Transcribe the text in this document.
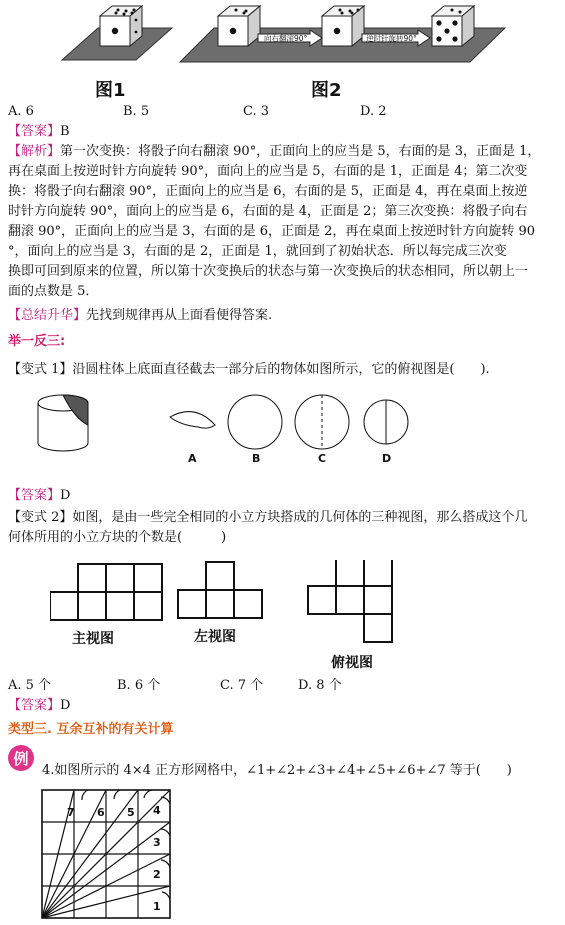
向右翻滚90°	逆时针旋转90°
图1	图2
A. 6	B. 5	C. 3	D. 2
【答案】B

【解析】第一次变换：将骰子向右翻滚 90°，正面向上的应当是 5，右面的是 3，正面是 1，

再在桌面上按逆时针方向旋转 90°，面向上的应当是 5，右面的是 1，正面是 4；第二次变

换：将骰子向右翻滚 90°，正面向上的应当是 6，右面的是 5，正面是 4，再在桌面上按逆

时针方向旋转 90°，面向上的应当是 6，右面的是 4，正面是 2；第三次变换：将骰子向右

翻滚 90°，正面向上的应当是 3，右面的是 6，正面是 2，再在桌面上按逆时针方向旋转 90

°，面向上的应当是 3，右面的是 2，正面是 1，就回到了初始状态．所以每完成三次变

换即可回到原来的位置，所以第十次变换后的状态与第一次变换后的状态相同，所以朝上一

面的点数是 5．

【总结升华】先找到规律再从上面看便得答案.
举一反三:
【变式 1】沿圆柱体上底面直径截去一部分后的物体如图所示，它的俯视图是(　　).
A	B	C	D
【答案】D
【变式 2】如图，是由一些完全相同的小立方块搭成的几何体的三种视图，那么搭成这个几
何体所用的小立方块的个数是(　　　)
主视图	左视图
俯视图
A. 5 个	B. 6 个	C. 7 个	D. 8 个
【答案】D
类型三. 互余互补的有关计算
例
4.如图所示的 4×4 正方形网格中，∠1+∠2+∠3+∠4+∠5+∠6+∠7 等于(　　)
1
2
3
4
5
6
7
